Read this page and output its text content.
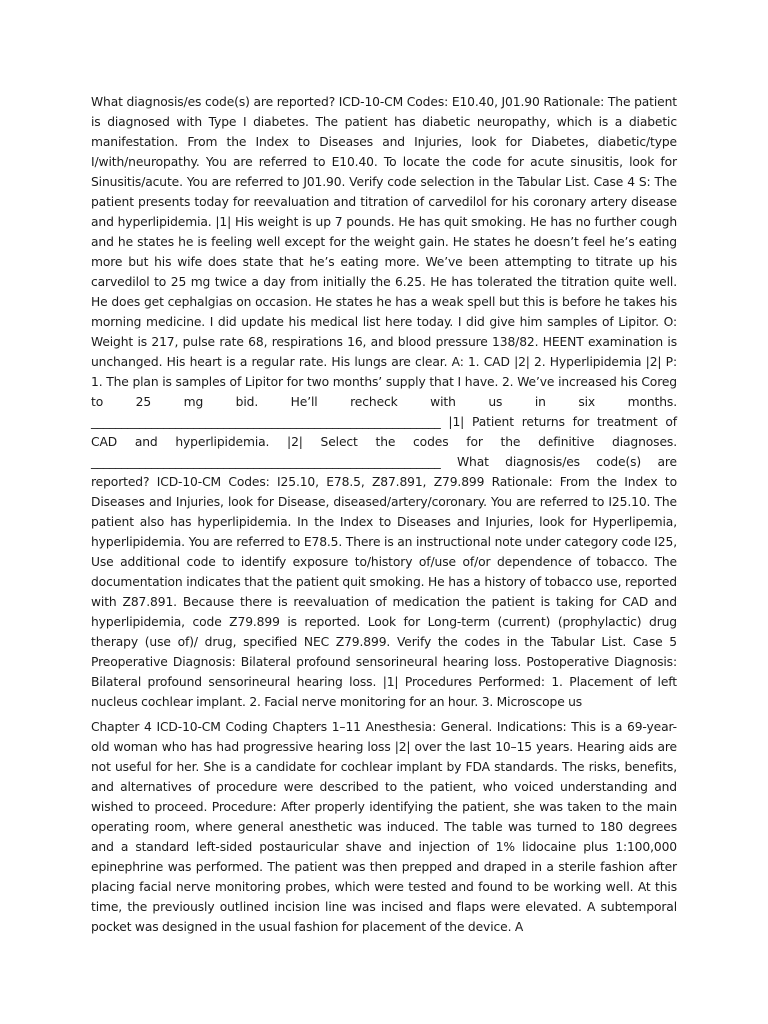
What diagnosis/es code(s) are reported? ICD-10-CM Codes: E10.40, J01.90 Rationale: The patient is diagnosed with Type I diabetes. The patient has diabetic neuropathy, which is a diabetic manifestation. From the Index to Diseases and Injuries, look for Diabetes, diabetic/type I/with/neuropathy. You are referred to E10.40. To locate the code for acute sinusitis, look for Sinusitis/acute. You are referred to J01.90. Verify code selection in the Tabular List. Case 4 S: The patient presents today for reevaluation and titration of carvedilol for his coronary artery disease and hyperlipidemia. |1| His weight is up 7 pounds. He has quit smoking. He has no further cough and he states he is feeling well except for the weight gain. He states he doesn’t feel he’s eating more but his wife does state that he’s eating more. We’ve been attempting to titrate up his carvedilol to 25 mg twice a day from initially the 6.25. He has tolerated the titration quite well. He does get cephalgias on occasion. He states he has a weak spell but this is before he takes his morning medicine. I did update his medical list here today. I did give him samples of Lipitor. O: Weight is 217, pulse rate 68, respirations 16, and blood pressure 138/82. HEENT examination is unchanged. His heart is a regular rate. His lungs are clear. A: 1. CAD |2| 2. Hyperlipidemia |2| P: 1. The plan is samples of Lipitor for two months’ supply that I have. 2. We’ve increased his Coreg to 25 mg bid. He’ll recheck with us in six months. __________________________________________________________ |1| Patient returns for treatment of CAD and hyperlipidemia. |2| Select the codes for the definitive diagnoses. __________________________________________________________ What diagnosis/es code(s) are reported? ICD-10-CM Codes: I25.10, E78.5, Z87.891, Z79.899 Rationale: From the Index to Diseases and Injuries, look for Disease, diseased/artery/coronary. You are referred to I25.10. The patient also has hyperlipidemia. In the Index to Diseases and Injuries, look for Hyperlipemia, hyperlipidemia. You are referred to E78.5. There is an instructional note under category code I25, Use additional code to identify exposure to/history of/use of/or dependence of tobacco. The documentation indicates that the patient quit smoking. He has a history of tobacco use, reported with Z87.891. Because there is reevaluation of medication the patient is taking for CAD and hyperlipidemia, code Z79.899 is reported. Look for Long-term (current) (prophylactic) drug therapy (use of)/ drug, specified NEC Z79.899. Verify the codes in the Tabular List. Case 5 Preoperative Diagnosis: Bilateral profound sensorineural hearing loss. Postoperative Diagnosis: Bilateral profound sensorineural hearing loss. |1| Procedures Performed: 1. Placement of left nucleus cochlear implant. 2. Facial nerve monitoring for an hour. 3. Microscope us

Chapter 4 ICD-10-CM Coding Chapters 1–11 Anesthesia: General. Indications: This is a 69-year-old woman who has had progressive hearing loss |2| over the last 10–15 years. Hearing aids are not useful for her. She is a candidate for cochlear implant by FDA standards. The risks, benefits, and alternatives of procedure were described to the patient, who voiced understanding and wished to proceed. Procedure: After properly identifying the patient, she was taken to the main operating room, where general anesthetic was induced. The table was turned to 180 degrees and a standard left-sided postauricular shave and injection of 1% lidocaine plus 1:100,000 epinephrine was performed. The patient was then prepped and draped in a sterile fashion after placing facial nerve monitoring probes, which were tested and found to be working well. At this time, the previously outlined incision line was incised and flaps were elevated. A subtemporal pocket was designed in the usual fashion for placement of the device. A
